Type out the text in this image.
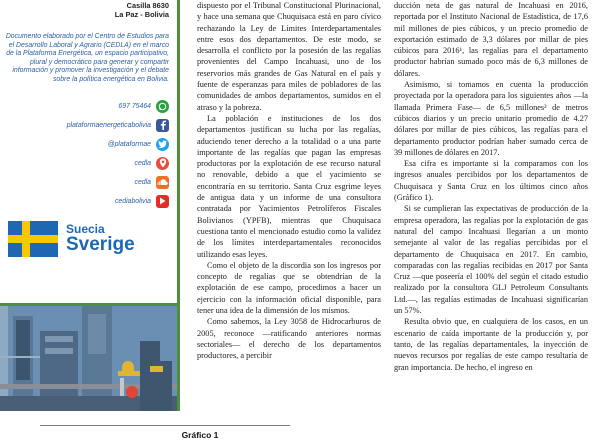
Casilla 8630
La Paz - Bolivia
Documento elaborado por el Centro de Estudios para el Desarrollo Laboral y Agrario (CEDLA) en el marco de la Plataforma Energética, un espacio participativo, plural y democrático para generar y compartir información y promover la investigación y el debate sobre la política energética en Bolivia.
697 75464
plataformaenergeticabolivia
@plataformae
cedla
cedla
cediabolivia
Suecia
Sverige

dispuesto por el Tribunal Constitucional Plurinacional, y hace una semana que Chuquisaca está en paro cívico rechazando la Ley de Límites Interdepartamentales entre esos dos departamentos. De este modo, se desarrolla el conflicto por la posesión de las regalías provenientes del Campo Incahuasi, uno de los reservorios más grandes de Gas Natural en el país y fuente de esperanzas para miles de pobladores de las comunidades de ambos departamentos, sumidos en el atraso y la pobreza.

La población e instituciones de los dos departamentos justifican su lucha por las regalías, aduciendo tener derecho a la totalidad o a una parte importante de las regalías que pagan las empresas productoras por la explotación de ese recurso natural no renovable, debido a que el yacimiento se encontraría en su territorio. Santa Cruz esgrime leyes de antigua data y un informe de una consultora contratada por Yacimientos Petrolíferos Fiscales Bolivianos (YPFB), mientras que Chuquisaca cuestiona tanto el mencionado estudio como la validez de los límites interdepartamentales reconocidos utilizando esas leyes.

Como el objeto de la discordia son los ingresos por concepto de regalías que se obtendrían de la explotación de ese campo, procedimos a hacer un ejercicio con la información oficial disponible, para tener una idea de la dimensión de los mismos.

Como sabemos, la Ley 3058 de Hidrocarburos de 2005, reconoce —ratificando anteriores normas sectoriales— el derecho de los departamentos productores, a percibir

ducción neta de gas natural de Incahuasi en 2016, reportada por el Instituto Nacional de Estadística, de 17,6 mil millones de pies cúbicos, y un precio promedio de exportación estimado de 3,3 dólares por millar de pies cúbicos para 2016¹, las regalías para el departamento productor habrían sumado poco más de 6,3 millones de dólares.

Asimismo, si tomamos en cuenta la producción proyectada por la operadora para los siguientes años —la llamada Primera Fase— de 6,5 millones² de metros cúbicos diarios y un precio unitario promedio de 4.27 dólares por millar de pies cúbicos, las regalías para el departamento productor podrían haber sumado cerca de 39 millones de dólares en 2017.

Esa cifra es importante si la comparamos con los ingresos anuales percibidos por los departamentos de Chuquisaca y Santa Cruz en los últimos cinco años (Gráfico 1).

Si se cumplieran las expectativas de producción de la empresa operadora, las regalías por la explotación de gas natural del campo Incahuasi llegarían a un monto semejante al valor de las regalías percibidas por el departamento de Chuquisaca en 2017. En cambio, comparadas con las regalías recibidas en 2017 por Santa Cruz —que poseería el 100% del según el citado estudio realizado por la consultora GLJ Petroleum Consultants Ltd.—, las regalías estimadas de Incahuasi significarían un 57%.

Resulta obvio que, en cualquiera de los casos, en un escenario de caída importante de la producción y, por tanto, de las regalías departamentales, la inyección de nuevos recursos por regalías de este campo resultaría de gran importancia. De hecho, el ingreso en

Gráfico 1
